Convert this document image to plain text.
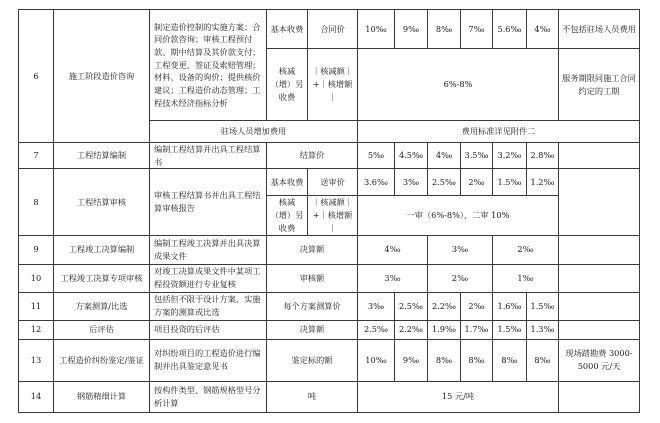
6	施工阶段造价咨询	制定造价控制的实施方案；合同价款咨询；审核工程预付款、期中结算及其价款支付；工程变更、签证及索赔管理；材料、设备的询价；提供核价建议；工程造价动态管理；工程技术经济指标分析	基本收费	合同价	10‰	9‰	8‰	7‰	5.6‰	4‰	不包括驻场人员费用
			核减（增）另收费	｜核减额｜+｜核增额｜	6%-8%						服务期限同施工合同约定的工期
		驻场人员增加费用			费用标准详见附件二						
7	工程结算编制	编制工程结算并出具工程结算书	结算价		5‰	4.5‰	4‰	3.5‰	3.2‰	2.8‰	
8	工程结算审核	审核工程结算书并出具工程结算审核报告	基本收费	送审价	3.6‰	3‰	2.5‰	2‰	1.5‰	1.2‰	
			核减（增）另收费	｜核减额｜+｜核增额｜	一审（6%-8%），二审 10%						
9	工程竣工决算编制	编制工程竣工决算并出具决算成果文件	决算额		4‰		3‰		2‰		
10	工程竣工决算专项审核	对竣工决算成果文件中某项工程投资额进行专业复核	审核额		3‰		2‰		1‰		
11	方案测算/比选	包括但不限于设计方案、实施方案的测算或比选	每个方案测算价		3‰	2.5‰	2.2‰	2‰	1.6‰	1.5‰	
12	后评估	项目投资的后评估	决算额		2.5‰	2.2‰	1.9‰	1.7‰	1.5‰	1.3‰	
13	工程造价纠纷鉴定/鉴证	对纠纷项目的工程造价进行编制并出具鉴定意见书	鉴定标的额		10‰	9‰	8‰	8‰	8‰	8‰	现场踏勘费 3000-5000 元/天
14	钢筋精细计算	按构件类型、钢筋规格型号分析计算	吨		15 元/吨						
